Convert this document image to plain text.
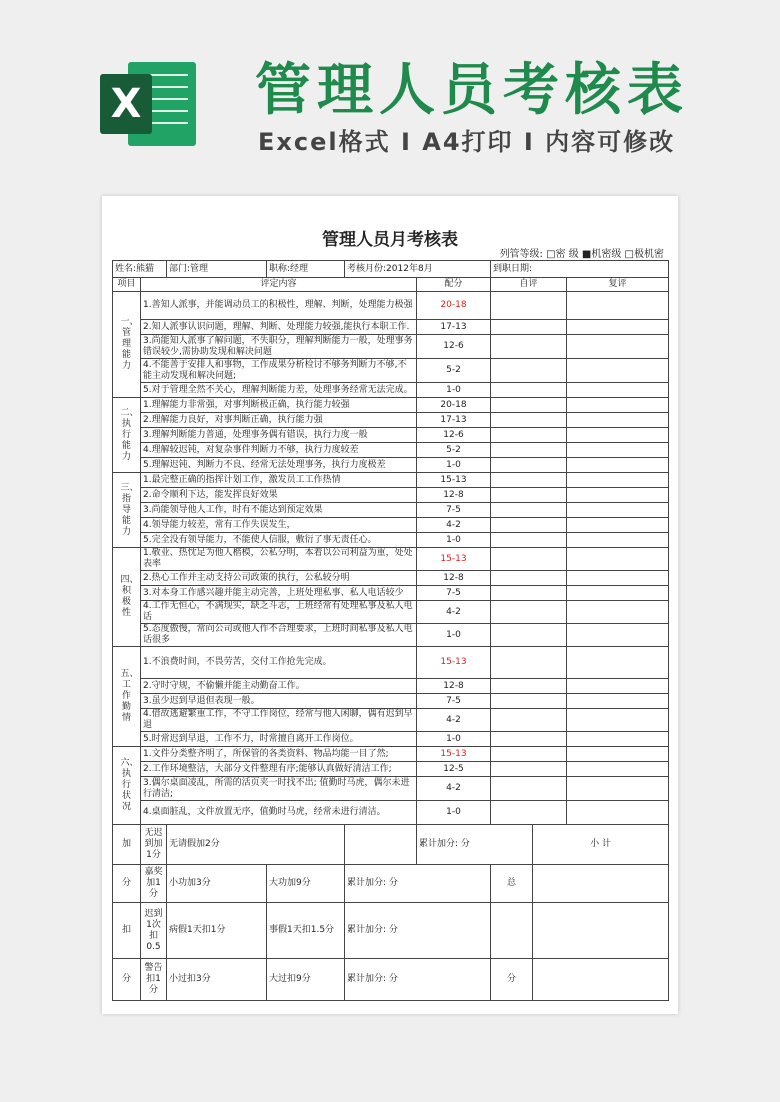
X 管理人员考核表
Excel格式 Ⅰ A4打印 Ⅰ 内容可修改
管理人员月考核表
列管等级: □密 级 ■机密级 □极机密
姓名:熊猫		部门:管理	职称:经理	考核月份:2012年8月		到职日期:		
项目	评定内容				配分	自评		复评
一、管理能力	1.善知人派事，并能调动员工的积极性，理解、判断，处理能力极强				20-18			
	2.知人派事认识问题，理解、判断、处理能力较强,能执行本职工作.				17-13			
	3.尚能知人派事了解问题，不失职分，理解判断能力一般，处理事务错误较少,需协助发现和解决问题				12-6			
	4.不能善于安排人和事物，工作成果分析检讨不够务判断力不够,不能主动发现和解决问题;				5-2			
	5.对于管理全然不关心，理解判断能力差，处理事务经常无法完成。				1-0			
二、执行能力	1.理解能力非常强，对事判断极正确，执行能力较强				20-18			
	2.理解能力良好，对事判断正确，执行能力强				17-13			
	3.理解判断能力普通，处理事务偶有错误，执行力度一般				12-6			
	4.理解较迟钝，对复杂事件判断力不够，执行力度较差				5-2			
	5.理解迟钝、判断力不良、经常无法处理事务，执行力度极差				1-0			
三、指导能力	1.最完整正确的指挥计划工作，激发员工工作热情				15-13			
	2.命令顺利下达，能发挥良好效果				12-8			
	3.尚能领导他人工作，时有不能达到预定效果				7-5			
	4.领导能力较差，常有工作失误发生，				4-2			
	5.完全没有领导能力，不能使人信服，敷衍了事无责任心。				1-0			
四、积极性	1.敬业、热忱足为他人楷模，公私分明，本着以公司利益为重，处处表率				15-13			
	2.热心工作并主动支持公司政策的执行，公私较分明				12-8			
	3.对本身工作感兴趣并能主动完善，上班处理私事、私人电话较少				7-5			
	4.工作无恒心，不满现实，缺乏斗志，上班经常有处理私事及私人电话				4-2			
	5.态度傲慢，常向公司或他人作不合理要求，上班时间私事及私人电话很多				1-0			
五、工作勤情	1.不浪费时间，不畏劳苦，交付工作抢先完成。				15-13			
	2.守时守规，不偷懒并能主动勤奋工作。				12-8			
	3.虽少迟到早退但表现一般。				7-5			
	4.借故逃避繁重工作，不守工作岗位，经常与他人闲聊，偶有迟到早退				4-2			
	5.时常迟到早退，工作不力，时常擅自离开工作岗位。				1-0			
六、执行状况	1.文件分类整齐明了，所保管的各类资料、物品均能一目了然;				15-13			
	2.工作环境整洁，大部分文件整理有序;能够认真做好清洁工作;				12-5			
	3.偶尔桌面凌乱，所需的活页夹一时找不出; 值勤时马虎，偶尔未进行清洁;				4-2			
	4.桌面脏乱，文件放置无序，值勤时马虎，经常未进行清洁。				1-0			
加	无迟到加1分	无请假加2分			累计加分: 分		小 计	
分	嘉奖加1分	小功加3分	大功加9分	累计加分: 分		总		
扣	迟到1次扣0.5	病假1天扣1分	事假1天扣1.5分	累计加分: 分				
分	警告扣1分	小过扣3分	大过扣9分	累计加分: 分		分		
